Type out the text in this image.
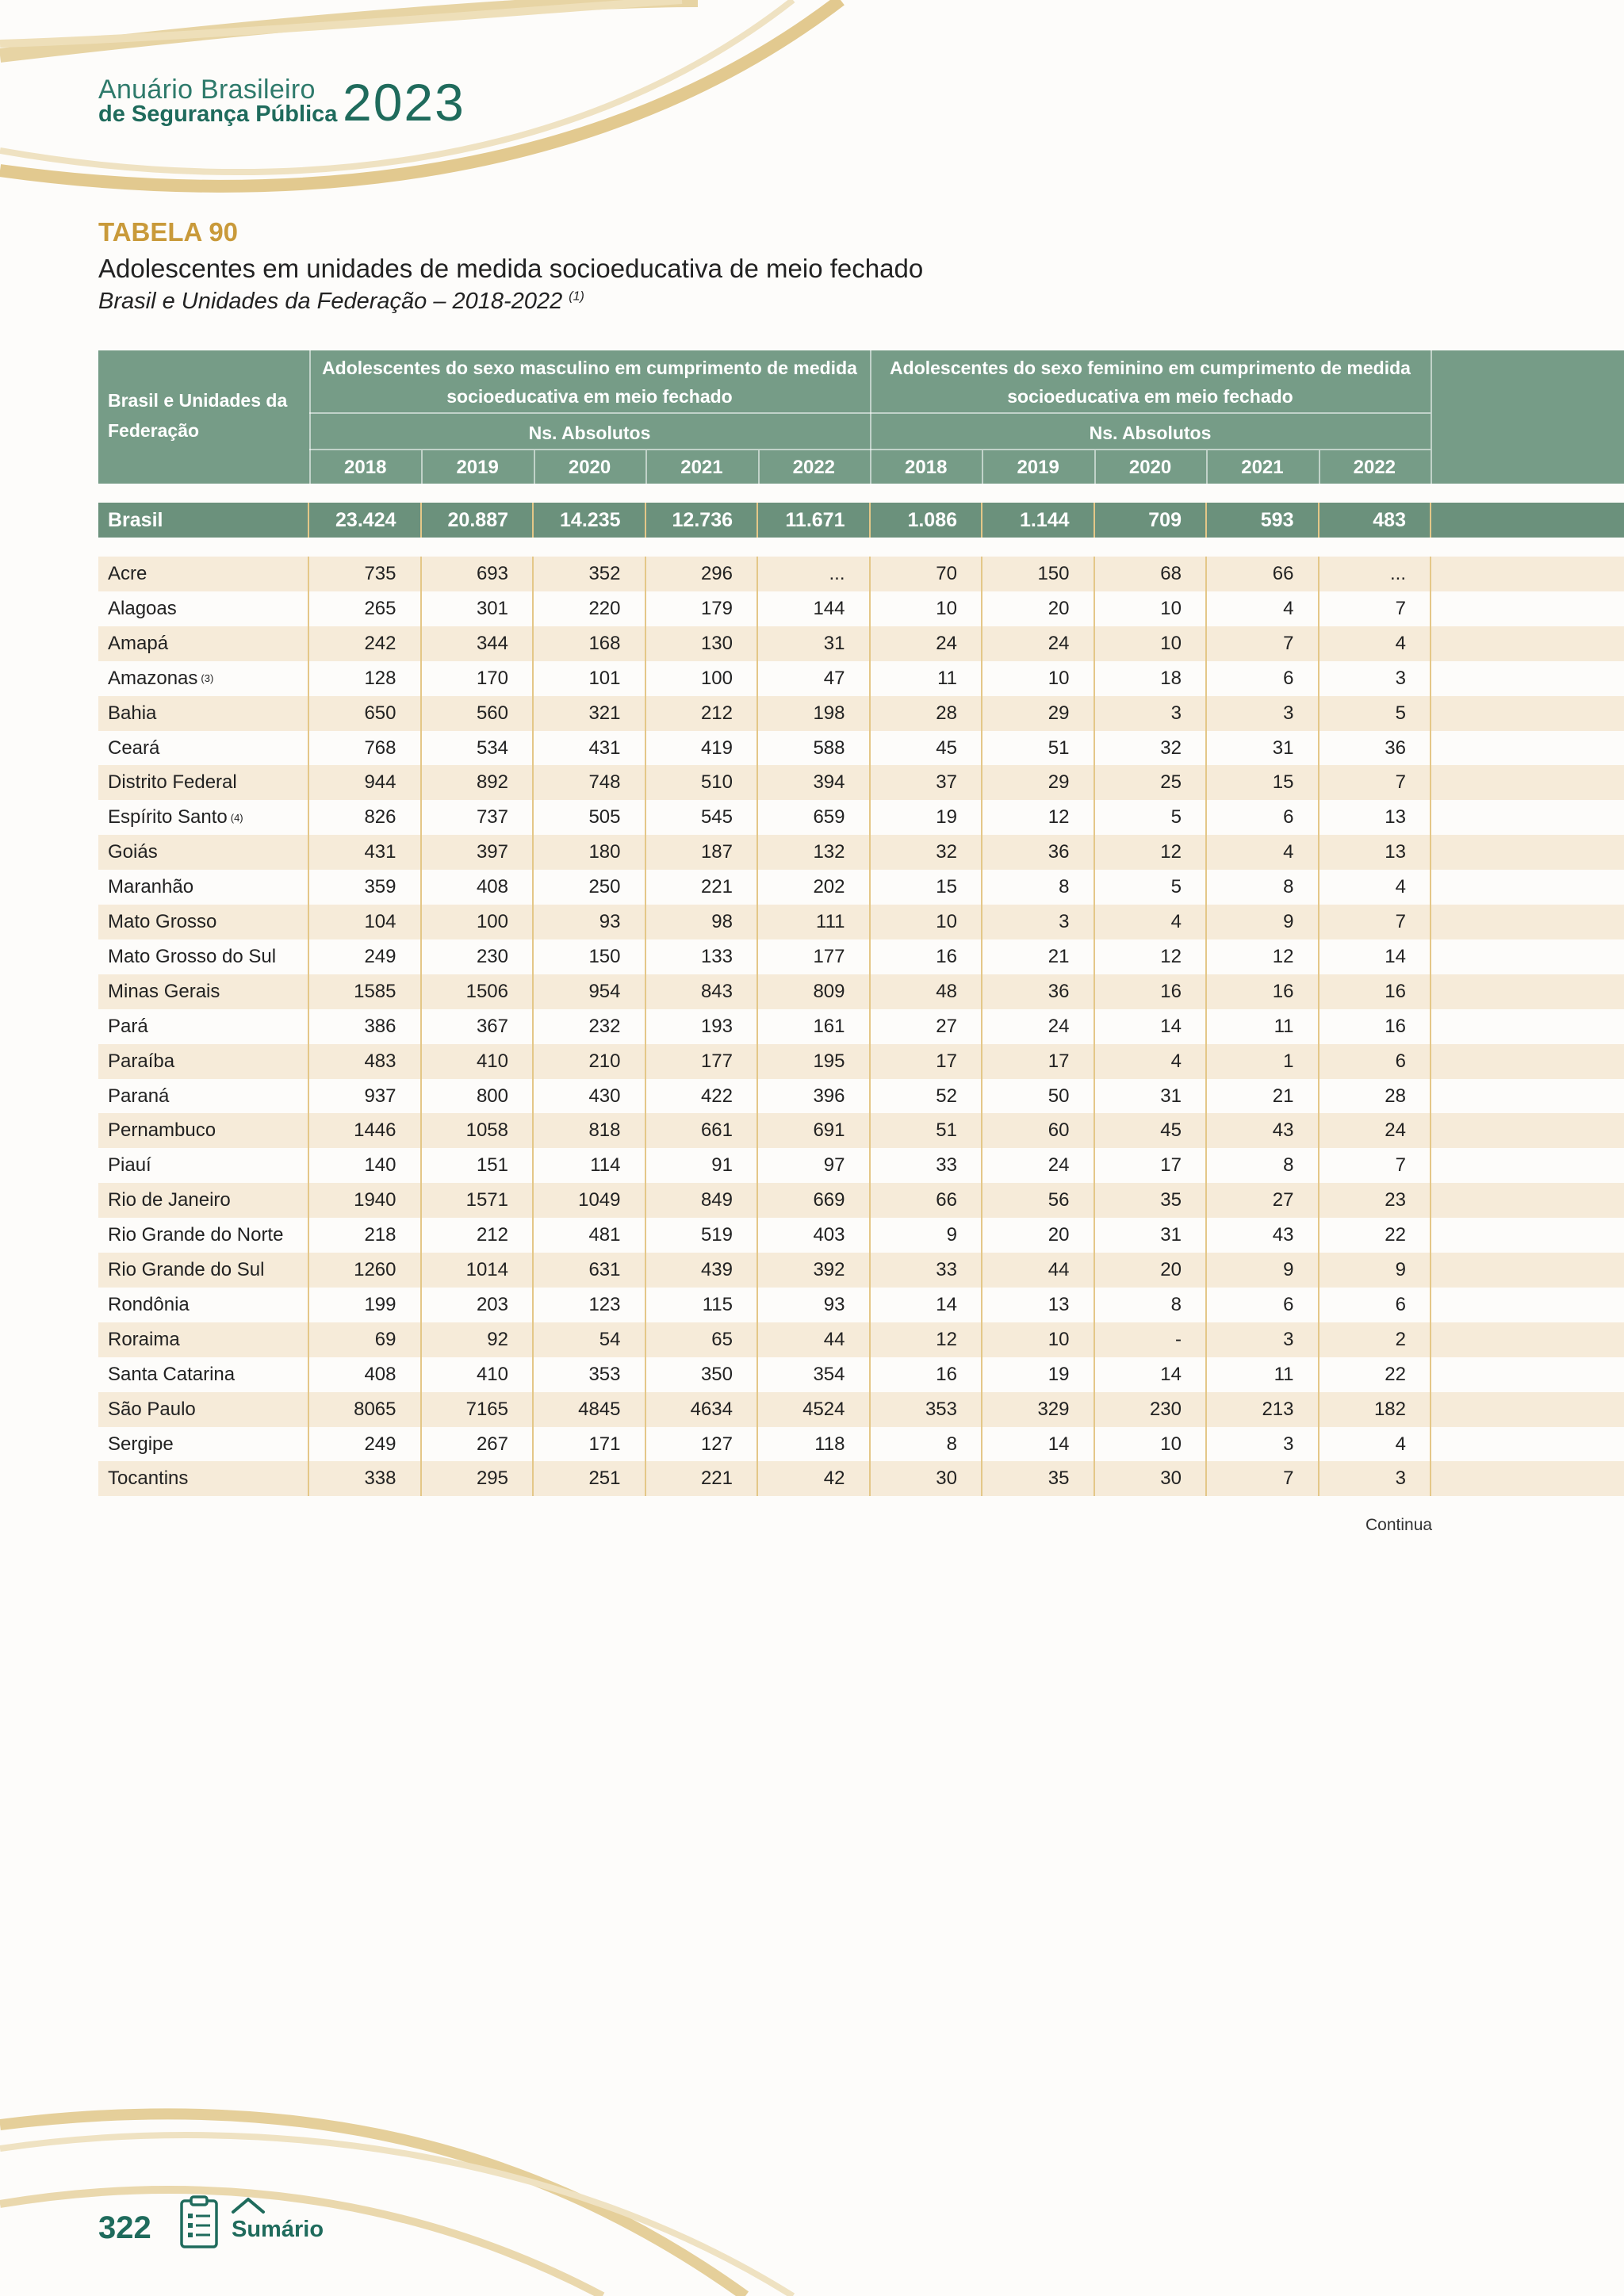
Anuário Brasileiro
de Segurança Pública 2023
TABELA 90
Adolescentes em unidades de medida socioeducativa de meio fechado
Brasil e Unidades da Federação – 2018-2022 $^{(1)}$
Brasil e Unidades da Federação
Adolescentes do sexo masculino em cumprimento de medida socioeducativa em meio fechado
Adolescentes do sexo feminino em cumprimento de medida socioeducativa em meio fechado
Ns. Absolutos	Ns. Absolutos
2018	2019	2020	2021	2022	2018	2019	2020	2021	2022
Brasil	23.424	20.887	14.235	12.736	11.671	1.086	1.144	709	593	483
Acre	735	693	352	296	...	70	150	68	66	...
Alagoas	265	301	220	179	144	10	20	10	4	7
Amapá	242	344	168	130	31	24	24	10	7	4
Amazonas (3)	128	170	101	100	47	11	10	18	6	3
Bahia	650	560	321	212	198	28	29	3	3	5
Ceará	768	534	431	419	588	45	51	32	31	36
Distrito Federal	944	892	748	510	394	37	29	25	15	7
Espírito Santo (4)	826	737	505	545	659	19	12	5	6	13
Goiás	431	397	180	187	132	32	36	12	4	13
Maranhão	359	408	250	221	202	15	8	5	8	4
Mato Grosso	104	100	93	98	111	10	3	4	9	7
Mato Grosso do Sul	249	230	150	133	177	16	21	12	12	14
Minas Gerais	1585	1506	954	843	809	48	36	16	16	16
Pará	386	367	232	193	161	27	24	14	11	16
Paraíba	483	410	210	177	195	17	17	4	1	6
Paraná	937	800	430	422	396	52	50	31	21	28
Pernambuco	1446	1058	818	661	691	51	60	45	43	24
Piauí	140	151	114	91	97	33	24	17	8	7
Rio de Janeiro	1940	1571	1049	849	669	66	56	35	27	23
Rio Grande do Norte	218	212	481	519	403	9	20	31	43	22
Rio Grande do Sul	1260	1014	631	439	392	33	44	20	9	9
Rondônia	199	203	123	115	93	14	13	8	6	6
Roraima	69	92	54	65	44	12	10	-	3	2
Santa Catarina	408	410	353	350	354	16	19	14	11	22
São Paulo	8065	7165	4845	4634	4524	353	329	230	213	182
Sergipe	249	267	171	127	118	8	14	10	3	4
Tocantins	338	295	251	221	42	30	35	30	7	3
Continua
322	Sumário
